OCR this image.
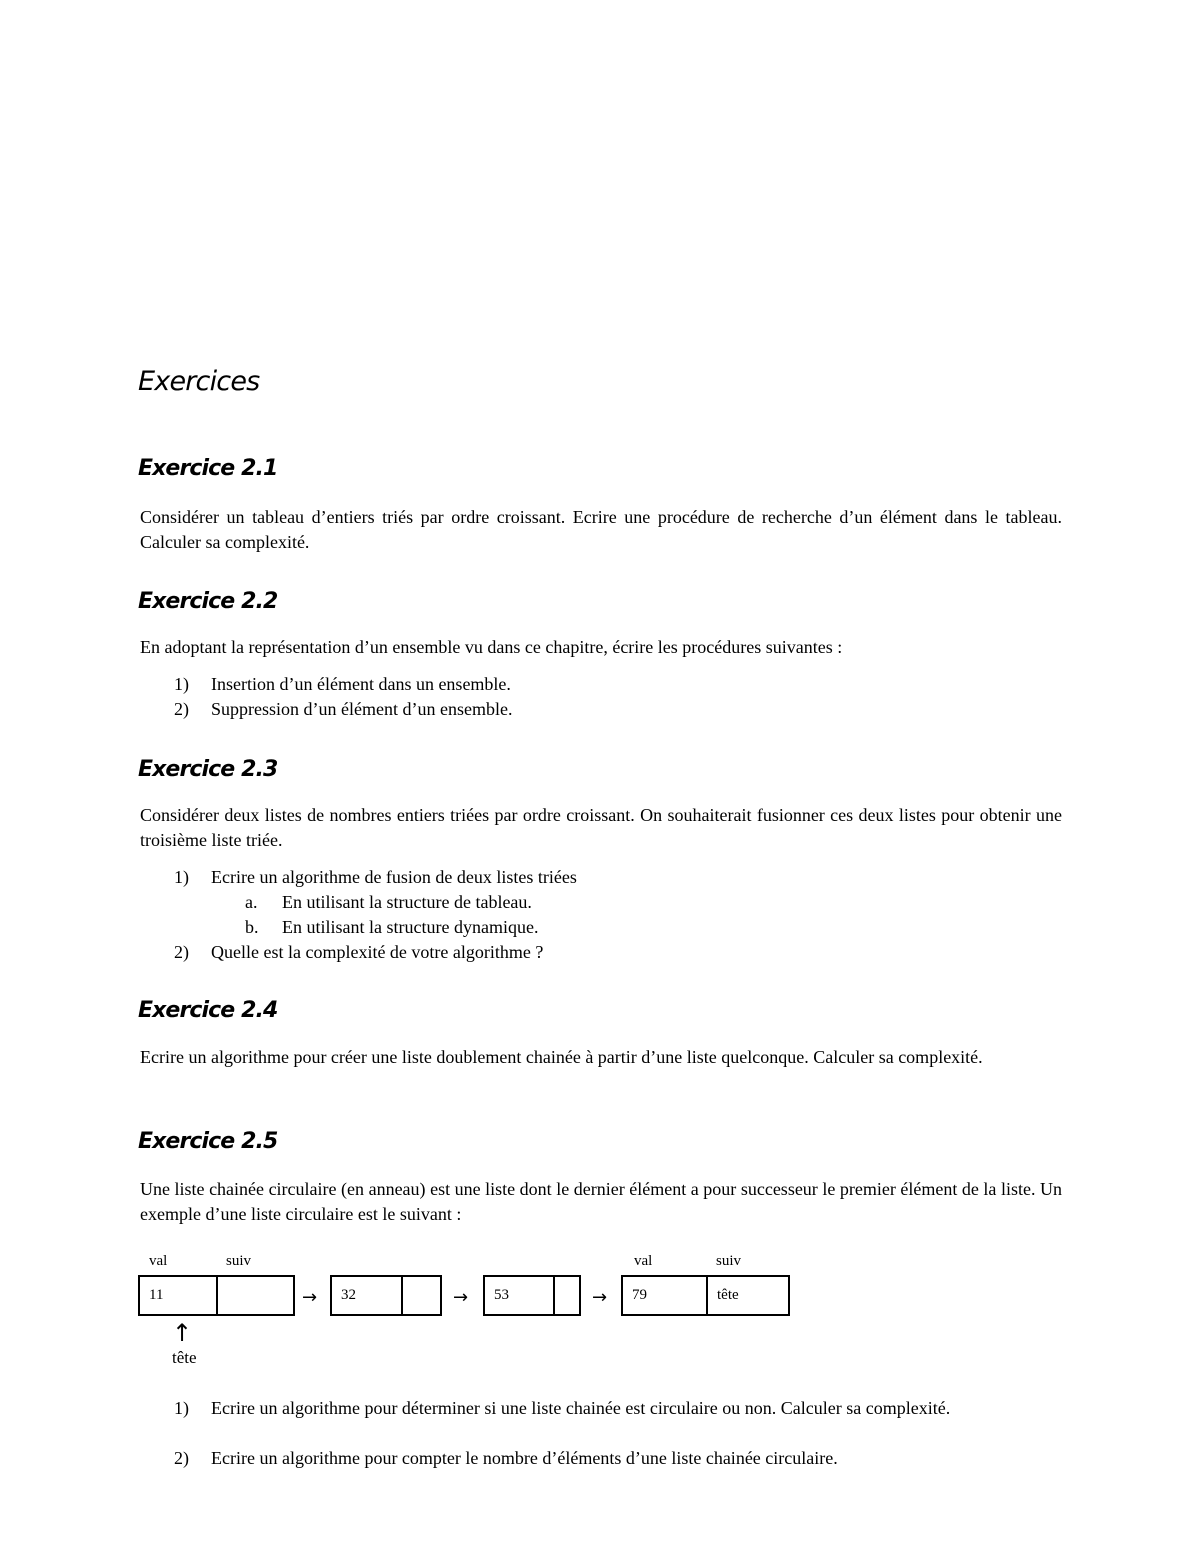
Exercices
Exercice 2.1
Considérer un tableau d’entiers triés par ordre croissant. Ecrire une procédure de recherche d’un élément dans le tableau. Calculer sa complexité.
Exercice 2.2
En adoptant la représentation d’un ensemble vu dans ce chapitre, écrire les procédures suivantes :
1) Insertion d’un élément dans un ensemble.
2) Suppression d’un élément d’un ensemble.
Exercice 2.3
Considérer deux listes de nombres entiers triées par ordre croissant. On souhaiterait fusionner ces deux listes pour obtenir une troisième liste triée.
1) Ecrire un algorithme de fusion de deux listes triées
a. En utilisant la structure de tableau.
b. En utilisant la structure dynamique.
2) Quelle est la complexité de votre algorithme ?
Exercice 2.4
Ecrire un algorithme pour créer une liste doublement chainée à partir d’une liste quelconque. Calculer sa complexité.
Exercice 2.5
Une liste chainée circulaire (en anneau) est une liste dont le dernier élément a pour successeur le premier élément de la liste. Un exemple d’une liste circulaire est le suivant :
val	suiv	val	suiv
11	→	32	→	53	→	79	tête
↑
tête
1) Ecrire un algorithme pour déterminer si une liste chainée est circulaire ou non. Calculer sa complexité.
2) Ecrire un algorithme pour compter le nombre d’éléments d’une liste chainée circulaire.
